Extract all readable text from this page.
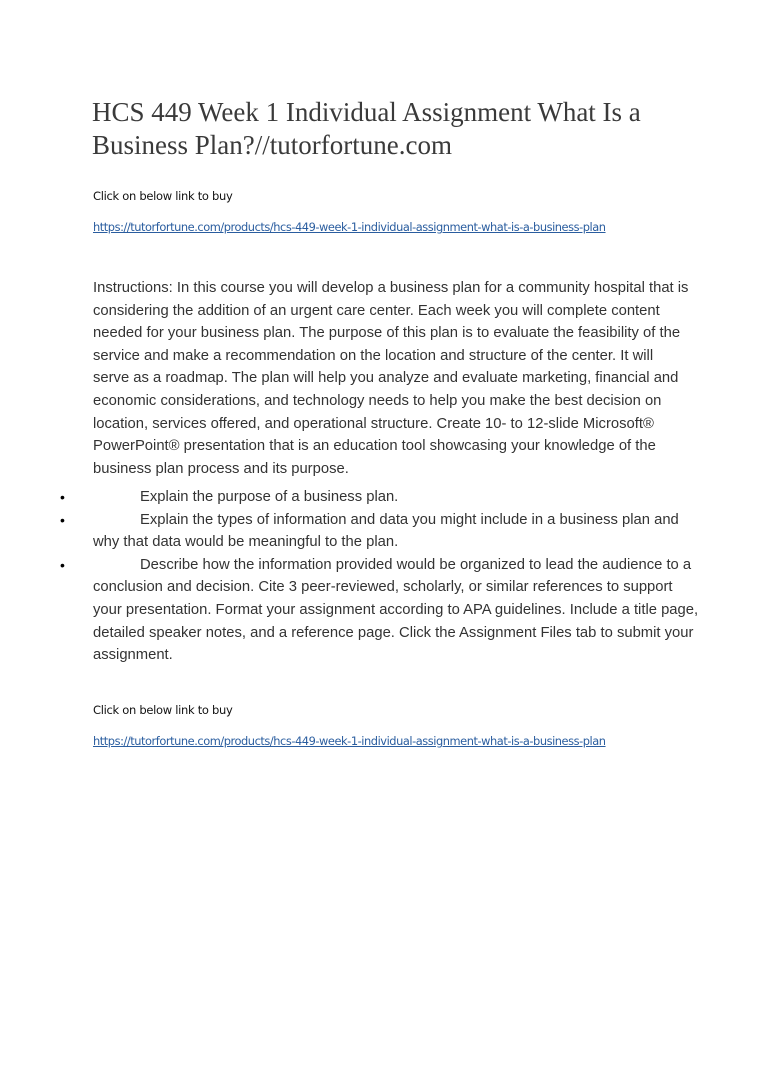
HCS 449 Week 1 Individual Assignment What Is a Business Plan?//tutorfortune.com
Click on below link to buy
https://tutorfortune.com/products/hcs-449-week-1-individual-assignment-what-is-a-business-plan

Instructions: In this course you will develop a business plan for a community hospital that is considering the addition of an urgent care center. Each week you will complete content needed for your business plan. The purpose of this plan is to evaluate the feasibility of the service and make a recommendation on the location and structure of the center. It will serve as a roadmap. The plan will help you analyze and evaluate marketing, financial and economic considerations, and technology needs to help you make the best decision on location, services offered, and operational structure. Create 10- to 12-slide Microsoft® PowerPoint® presentation that is an education tool showcasing your knowledge of the business plan process and its purpose.

•	Explain the purpose of a business plan.
•	Explain the types of information and data you might include in a business plan and why that data would be meaningful to the plan.
•	Describe how the information provided would be organized to lead the audience to a conclusion and decision. Cite 3 peer-reviewed, scholarly, or similar references to support your presentation. Format your assignment according to APA guidelines. Include a title page, detailed speaker notes, and a reference page. Click the Assignment Files tab to submit your assignment.
Click on below link to buy
https://tutorfortune.com/products/hcs-449-week-1-individual-assignment-what-is-a-business-plan
